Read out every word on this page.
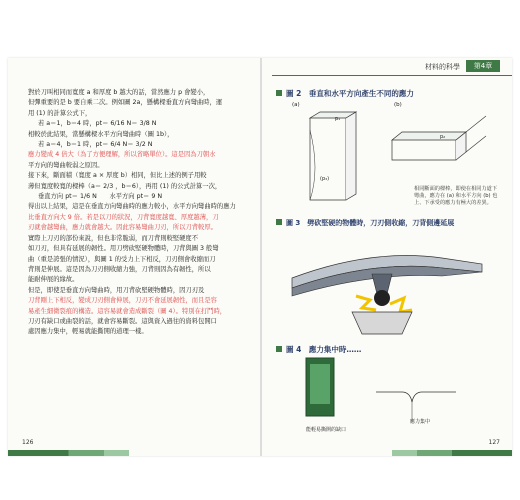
對於刀叫相同而寬度 a 和厚度 b 越大的話，當然應力 p 會變小，

但彈重要的是 b 要自乘二次。例如圖 2a，懸構樑垂直方向彎曲時，運

用 (1) 的計算公式下，

若 a＝1，b＝4 時，pt＝ 6/16 N＝ 3/8 N

相較於此結果，當懸構樑水平方向彎曲時（圖 1b），

若 a＝4，b＝1 時，pt＝ 6/4 N＝ 3/2 N

應力變成 4 倍大（為了方便理解，所以省略單位）。這是因為刀朝水

平方向的彎曲較弱之原因。

接下來，斷面積（寬度 a × 厚度 b）相同，但比上述的例子用較

薄但寬度較寬的樑棒（a＝ 2/3 ，b＝6），再用 (1) 的公式計算一次，

垂直方向 pt＝ 1/6 N　　水平方向 pt＝ 9 N

得出以上結果，這是在垂直方向彎曲時的應力較小，水平方向彎曲時的應力

比垂直方向大 9 倍。若是以刀的狀況，刀背寬度越寬、厚度越薄，刀

刃就會越彎曲，應力就會越大。因此容易彎曲刀刃，所以刀背較厚。

實際上刀刃的部份來說，但也非常脆弱，而刀背則較堅硬度不

如刀刃，但具有延展的韌性。用刀劈砍堅硬物體時，刀背與圖 3 般彎

曲（重是誇張的情況），與圖 1 的受力上下相反，刀刃側會收縮而刀

背則是伸展。這是因為刀刃側收縮力強，刀背則因為有韌性，所以

能耐伸展的緣故。

但是，即使是垂直方向彎曲時，用刀背砍堅硬物體時，因刀刃及

刀背剛上下相反，變成刀刃側會伸展，刀刃不會延展韌性，而且是容

易產生細微裂痕的構造。這容易就會造成斷裂（圖 4）。特別在打鬥時，

刀刃有缺口或曲裂的話，就會容易斷裂。這與資入過往的資料包開口

處因應力集中，輕易就能撕開的道理一樣。

126
材料的科學	第4章
圖 2　垂直和水平方向產生不同的應力
(a)	(b)
p₁
p₂
(p₃)
相同斷面的樑棒，即使在相同力道下彎曲，應力在 (a) 和水平方向 (b) 也上、下承受的應力有極大的差異。
圖 3　劈砍堅硬的物體時，刀刃側收縮，刀背側邊延展
圖 4　應力集中時……
能輕易撕開的缺口
應力集中
127
